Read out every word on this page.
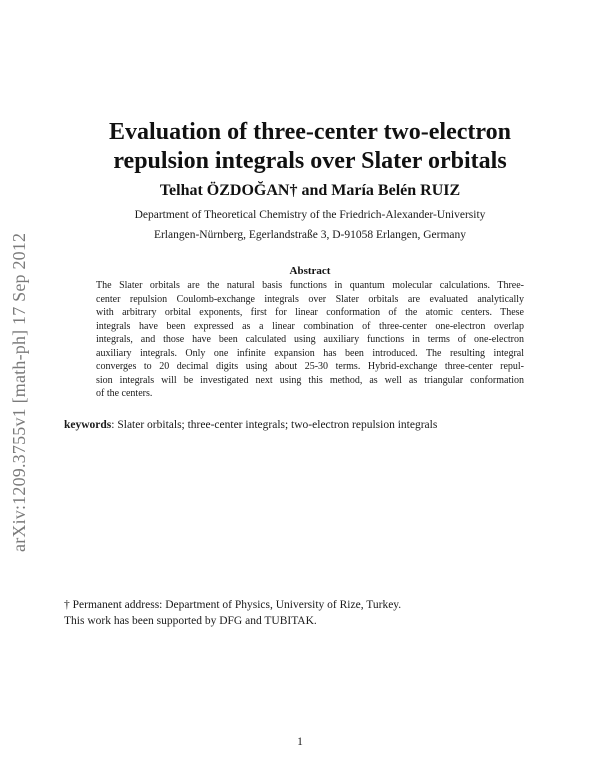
arXiv:1209.3755v1 [math-ph] 17 Sep 2012
Evaluation of three-center two-electron
repulsion integrals over Slater orbitals
Telhat ÖZDOĞAN† and María Belén RUIZ
Department of Theoretical Chemistry of the Friedrich-Alexander-University
Erlangen-Nürnberg, Egerlandstraße 3, D-91058 Erlangen, Germany
Abstract
The Slater orbitals are the natural basis functions in quantum molecular calculations. Three-
center repulsion Coulomb-exchange integrals over Slater orbitals are evaluated analytically
with arbitrary orbital exponents, first for linear conformation of the atomic centers. These
integrals have been expressed as a linear combination of three-center one-electron overlap
integrals, and those have been calculated using auxiliary functions in terms of one-electron
auxiliary integrals. Only one infinite expansion has been introduced. The resulting integral
converges to 20 decimal digits using about 25-30 terms. Hybrid-exchange three-center repul-
sion integrals will be investigated next using this method, as well as triangular conformation
of the centers.
keywords: Slater orbitals; three-center integrals; two-electron repulsion integrals
† Permanent address: Department of Physics, University of Rize, Turkey.
This work has been supported by DFG and TUBITAK.
1
